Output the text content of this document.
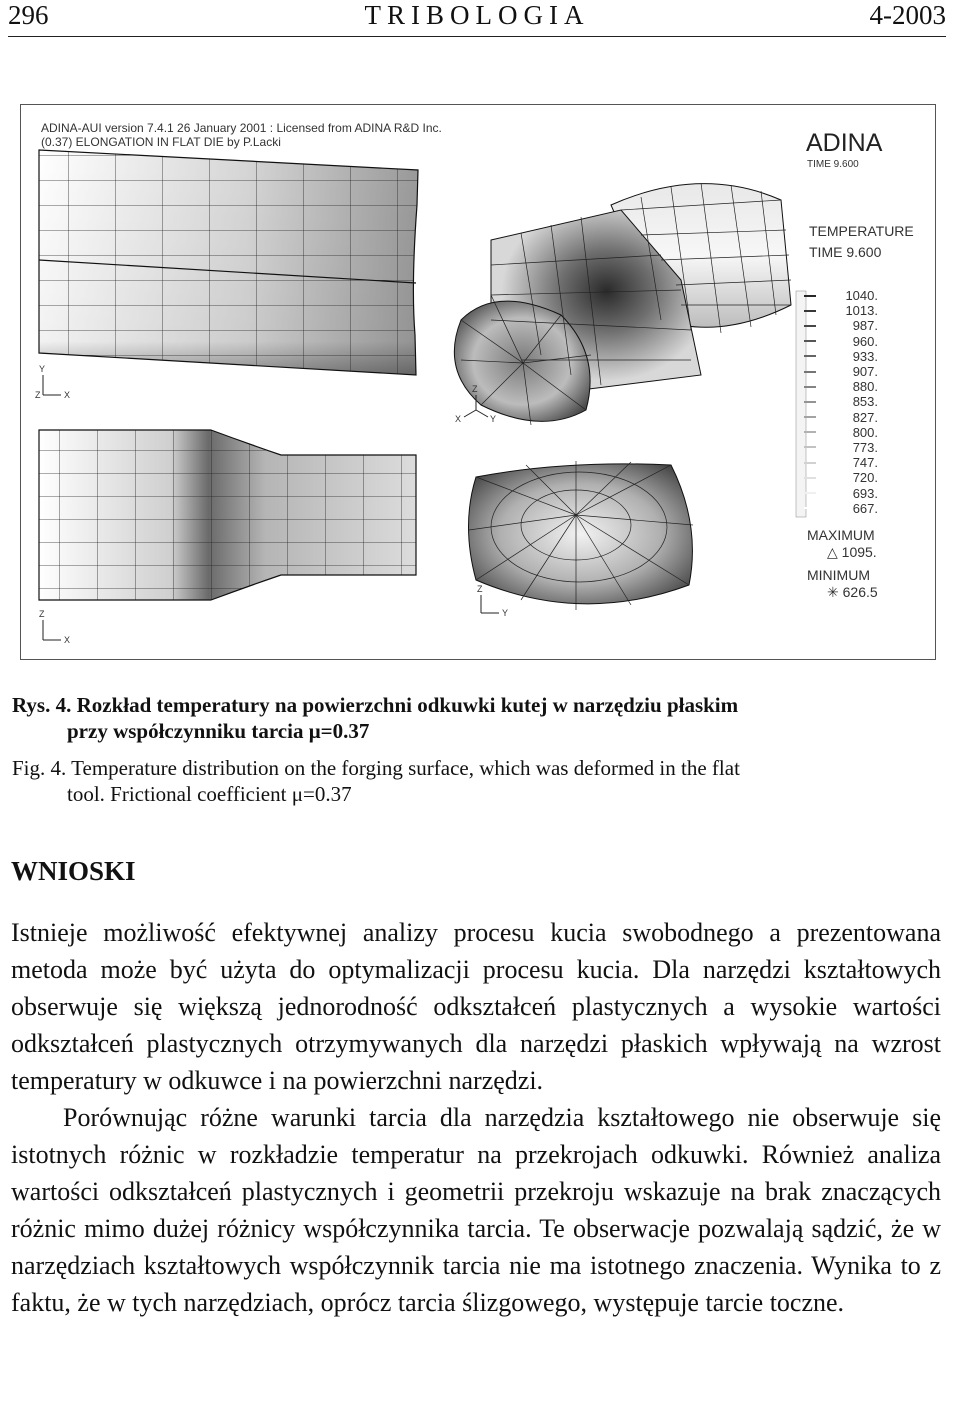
296	TRIBOLOGIA	4-2003
ADINA-AUI version 7.4.1 26 January 2001 : Licensed from ADINA R&D Inc.
(0.37) ELONGATION IN FLAT DIE by P.Lacki	ADINA
TIME 9.600
TEMPERATURE
TIME 9.600
1040.
1013.
987.
960.
933.
907.
880.
853.
827.
800.
773.
747.
720.
693.
667.
MAXIMUM
△ 1095.
MINIMUM
✳ 626.5
Y
X
Z
Z
X
Z
Y
X	Y
Z
Rys. 4. Rozkład temperatury na powierzchni odkuwki kutej w narzędziu płaskim
przy współczynniku tarcia μ=0.37
Fig. 4. Temperature distribution on the forging surface, which was deformed in the flat
tool. Frictional coefficient μ=0.37
WNIOSKI

Istnieje możliwość efektywnej analizy procesu kucia swobodnego a prezentowana metoda może być użyta do optymalizacji procesu kucia. Dla narzędzi kształtowych obserwuje się większą jednorodność odkształceń plastycznych a wysokie wartości odkształceń plastycznych otrzymywanych dla narzędzi płaskich wpływają na wzrost temperatury w odkuwce i na powierzchni narzędzi.

Porównując różne warunki tarcia dla narzędzia kształtowego nie obserwuje się istotnych różnic w rozkładzie temperatur na przekrojach odkuwki. Również analiza wartości odkształceń plastycznych i geometrii przekroju wskazuje na brak znaczących różnic mimo dużej różnicy współczynnika tarcia. Te obserwacje pozwalają sądzić, że w narzędziach kształtowych współczynnik tarcia nie ma istotnego znaczenia. Wynika to z faktu, że w tych narzędziach, oprócz tarcia ślizgowego, występuje tarcie toczne.
